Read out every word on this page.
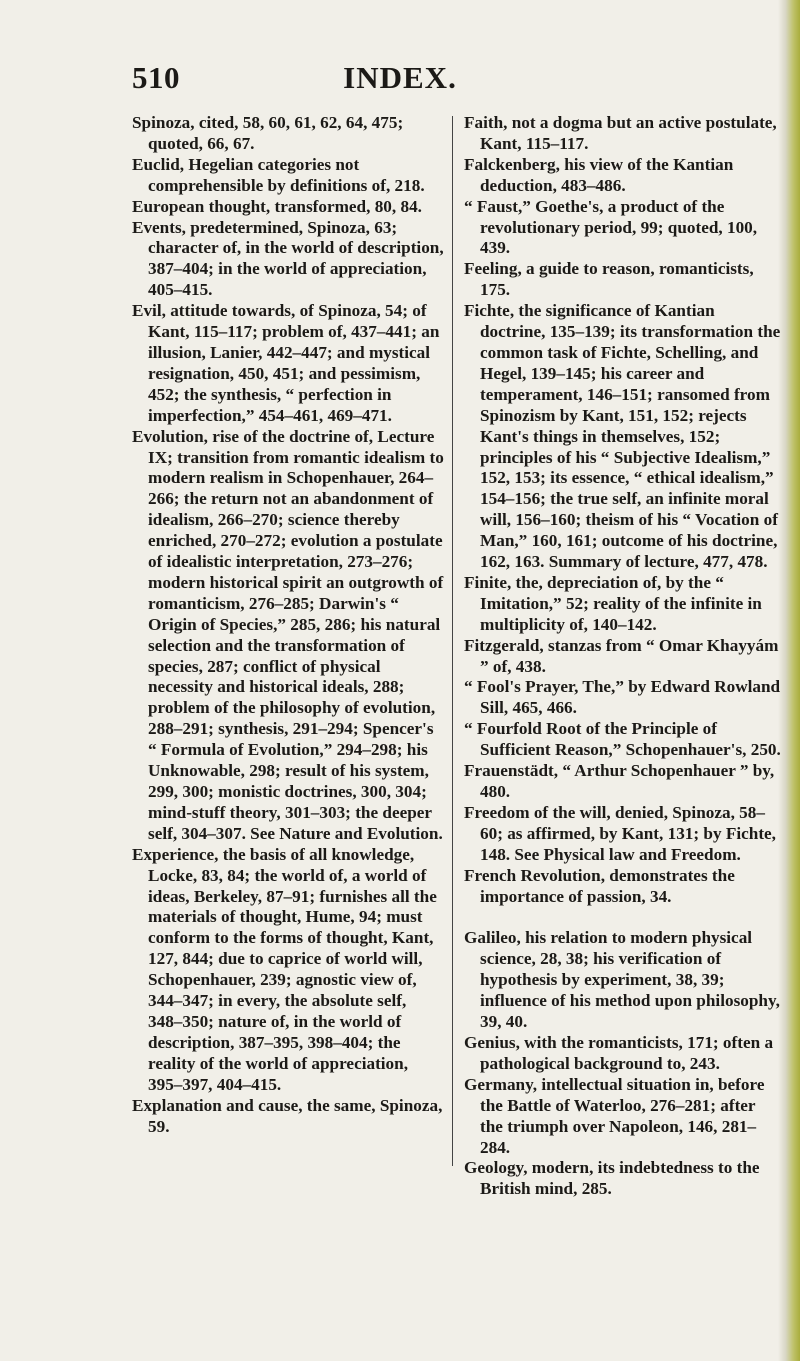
510	INDEX.

Spinoza, cited, 58, 60, 61, 62, 64, 475; quoted, 66, 67.

Euclid, Hegelian categories not comprehensible by definitions of, 218.

European thought, transformed, 80, 84.

Events, predetermined, Spinoza, 63; character of, in the world of description, 387–404; in the world of appreciation, 405–415.

Evil, attitude towards, of Spinoza, 54; of Kant, 115–117; problem of, 437–441; an illusion, Lanier, 442–447; and mystical resignation, 450, 451; and pessimism, 452; the synthesis, “ perfection in imperfection,” 454–461, 469–471.

Evolution, rise of the doctrine of, Lecture IX; transition from romantic idealism to modern realism in Schopenhauer, 264–266; the return not an abandonment of idealism, 266–270; science thereby enriched, 270–272; evolution a postulate of idealistic interpretation, 273–276; modern historical spirit an outgrowth of romanticism, 276–285; Darwin's “ Origin of Species,” 285, 286; his natural selection and the transformation of species, 287; conflict of physical necessity and historical ideals, 288; problem of the philosophy of evolution, 288–291; synthesis, 291–294; Spencer's “ Formula of Evolution,” 294–298; his Unknowable, 298; result of his system, 299, 300; monistic doctrines, 300, 304; mind-stuff theory, 301–303; the deeper self, 304–307. See Nature and Evolution.

Experience, the basis of all knowledge, Locke, 83, 84; the world of, a world of ideas, Berkeley, 87–91; furnishes all the materials of thought, Hume, 94; must conform to the forms of thought, Kant, 127, 844; due to caprice of world will, Schopenhauer, 239; agnostic view of, 344–347; in every, the absolute self, 348–350; nature of, in the world of description, 387–395, 398–404; the reality of the world of appreciation, 395–397, 404–415.

Explanation and cause, the same, Spinoza, 59.

Faith, not a dogma but an active postulate, Kant, 115–117.

Falckenberg, his view of the Kantian deduction, 483–486.

“ Faust,” Goethe's, a product of the revolutionary period, 99; quoted, 100, 439.

Feeling, a guide to reason, romanticists, 175.

Fichte, the significance of Kantian doctrine, 135–139; its transformation the common task of Fichte, Schelling, and Hegel, 139–145; his career and temperament, 146–151; ransomed from Spinozism by Kant, 151, 152; rejects Kant's things in themselves, 152; principles of his “ Subjective Idealism,” 152, 153; its essence, “ ethical idealism,” 154–156; the true self, an infinite moral will, 156–160; theism of his “ Vocation of Man,” 160, 161; outcome of his doctrine, 162, 163. Summary of lecture, 477, 478.

Finite, the, depreciation of, by the “ Imitation,” 52; reality of the infinite in multiplicity of, 140–142.

Fitzgerald, stanzas from “ Omar Khayyám ” of, 438.

“ Fool's Prayer, The,” by Edward Rowland Sill, 465, 466.

“ Fourfold Root of the Principle of Sufficient Reason,” Schopenhauer's, 250.

Frauenstädt, “ Arthur Schopenhauer ” by, 480.

Freedom of the will, denied, Spinoza, 58–60; as affirmed, by Kant, 131; by Fichte, 148. See Physical law and Freedom.

French Revolution, demonstrates the importance of passion, 34.

Galileo, his relation to modern physical science, 28, 38; his verification of hypothesis by experiment, 38, 39; influence of his method upon philosophy, 39, 40.

Genius, with the romanticists, 171; often a pathological background to, 243.

Germany, intellectual situation in, before the Battle of Waterloo, 276–281; after the triumph over Napoleon, 146, 281–284.

Geology, modern, its indebtedness to the British mind, 285.
